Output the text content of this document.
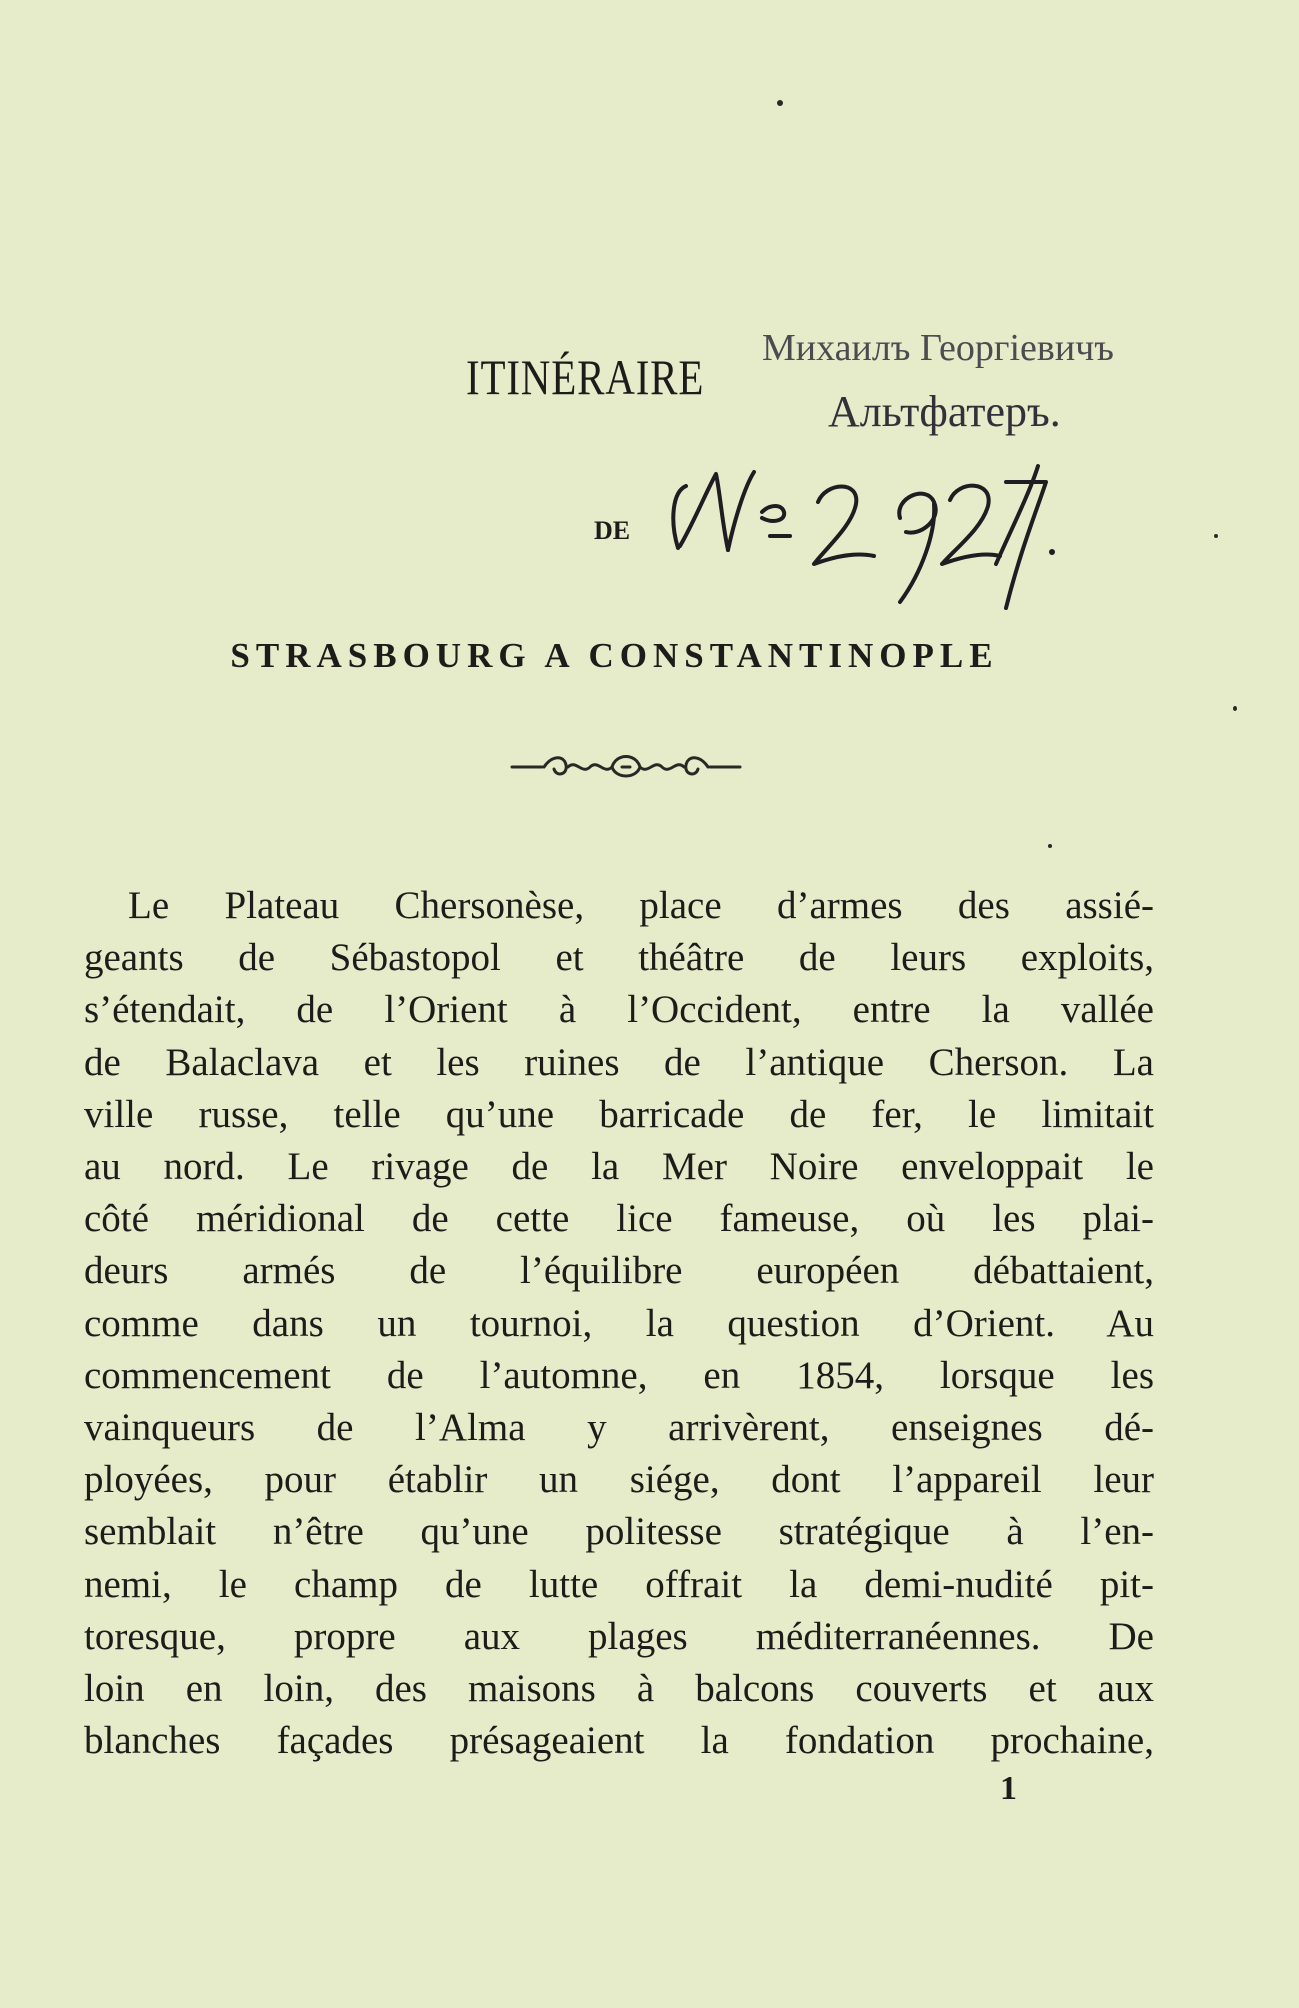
ITINÉRAIRE
Михаилъ Георгіевичъ
Альтфатеръ.
DE
№ 2927.
STRASBOURG A CONSTANTINOPLE
Le Plateau Chersonèse, place d’armes des assié-
geants de Sébastopol et théâtre de leurs exploits,
s’étendait, de l’Orient à l’Occident, entre la vallée
de Balaclava et les ruines de l’antique Cherson. La
ville russe, telle qu’une barricade de fer, le limitait
au nord. Le rivage de la Mer Noire enveloppait le
côté méridional de cette lice fameuse, où les plai-
deurs armés de l’équilibre européen débattaient,
comme dans un tournoi, la question d’Orient. Au
commencement de l’automne, en 1854, lorsque les
vainqueurs de l’Alma y arrivèrent, enseignes dé-
ployées, pour établir un siége, dont l’appareil leur
semblait n’être qu’une politesse stratégique à l’en-
nemi, le champ de lutte offrait la demi-nudité pit-
toresque, propre aux plages méditerranéennes. De
loin en loin, des maisons à balcons couverts et aux
blanches façades présageaient la fondation prochaine,
1
